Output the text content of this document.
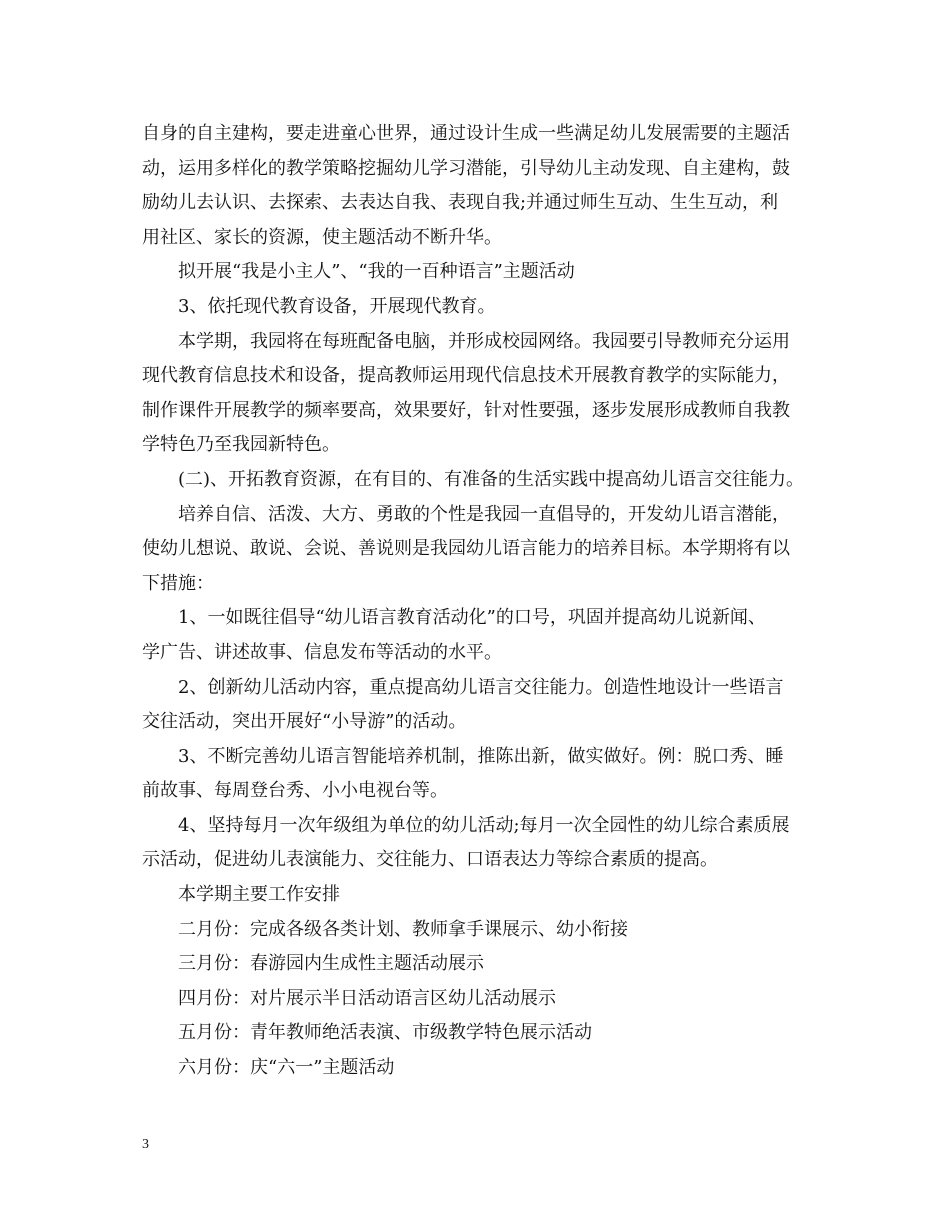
自身的自主建构，要走进童心世界，通过设计生成一些满足幼儿发展需要的主题活
动，运用多样化的教学策略挖掘幼儿学习潜能，引导幼儿主动发现、自主建构，鼓
励幼儿去认识、去探索、去表达自我、表现自我;并通过师生互动、生生互动，利
用社区、家长的资源，使主题活动不断升华。
拟开展“我是小主人”、“我的一百种语言”主题活动
3、依托现代教育设备，开展现代教育。
本学期，我园将在每班配备电脑，并形成校园网络。我园要引导教师充分运用
现代教育信息技术和设备，提高教师运用现代信息技术开展教育教学的实际能力，
制作课件开展教学的频率要高，效果要好，针对性要强，逐步发展形成教师自我教
学特色乃至我园新特色。
(二)、开拓教育资源，在有目的、有准备的生活实践中提高幼儿语言交往能力。
培养自信、活泼、大方、勇敢的个性是我园一直倡导的，开发幼儿语言潜能，
使幼儿想说、敢说、会说、善说则是我园幼儿语言能力的培养目标。本学期将有以
下措施：
1、一如既往倡导“幼儿语言教育活动化”的口号，巩固并提高幼儿说新闻、
学广告、讲述故事、信息发布等活动的水平。
2、创新幼儿活动内容，重点提高幼儿语言交往能力。创造性地设计一些语言
交往活动，突出开展好“小导游”的活动。
3、不断完善幼儿语言智能培养机制，推陈出新，做实做好。例：脱口秀、睡
前故事、每周登台秀、小小电视台等。
4、坚持每月一次年级组为单位的幼儿活动;每月一次全园性的幼儿综合素质展
示活动，促进幼儿表演能力、交往能力、口语表达力等综合素质的提高。
本学期主要工作安排
二月份：完成各级各类计划、教师拿手课展示、幼小衔接
三月份：春游园内生成性主题活动展示
四月份：对片展示半日活动语言区幼儿活动展示
五月份：青年教师绝活表演、市级教学特色展示活动
六月份：庆“六一”主题活动
3
